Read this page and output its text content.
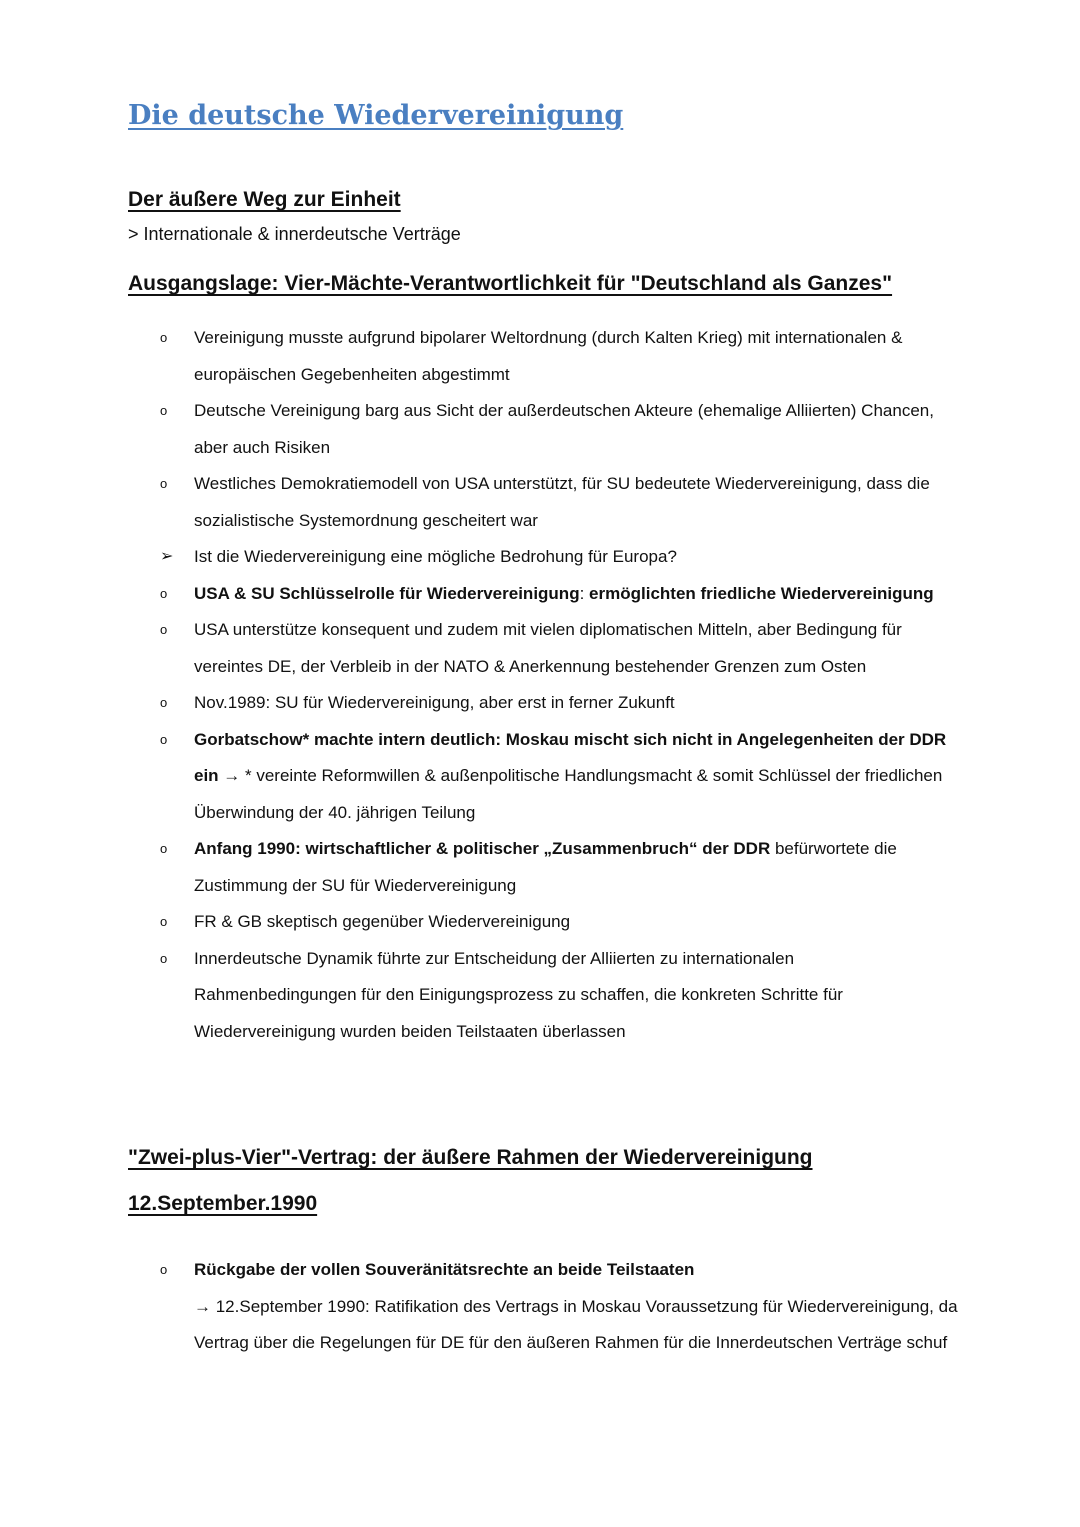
Die deutsche Wiedervereinigung
Der äußere Weg zur Einheit
> Internationale & innerdeutsche Verträge
Ausgangslage: Vier-Mächte-Verantwortlichkeit für "Deutschland als Ganzes"
o	Vereinigung musste aufgrund bipolarer Weltordnung (durch Kalten Krieg) mit internationalen & europäischen Gegebenheiten abgestimmt
o	Deutsche Vereinigung barg aus Sicht der außerdeutschen Akteure (ehemalige Alliierten) Chancen, aber auch Risiken
o	Westliches Demokratiemodell von USA unterstützt, für SU bedeutete Wiedervereinigung, dass die sozialistische Systemordnung gescheitert war
➢	Ist die Wiedervereinigung eine mögliche Bedrohung für Europa?
o	USA & SU Schlüsselrolle für Wiedervereinigung: ermöglichten friedliche Wiedervereinigung
o	USA unterstütze konsequent und zudem mit vielen diplomatischen Mitteln, aber Bedingung für vereintes DE, der Verbleib in der NATO & Anerkennung bestehender Grenzen zum Osten
o	Nov.1989: SU für Wiedervereinigung, aber erst in ferner Zukunft
o	Gorbatschow* machte intern deutlich: Moskau mischt sich nicht in Angelegenheiten der DDR ein → * vereinte Reformwillen & außenpolitische Handlungsmacht & somit Schlüssel der friedlichen Überwindung der 40. jährigen Teilung
o	Anfang 1990: wirtschaftlicher & politischer „Zusammenbruch“ der DDR befürwortete die Zustimmung der SU für Wiedervereinigung
o	FR & GB skeptisch gegenüber Wiedervereinigung
o	Innerdeutsche Dynamik führte zur Entscheidung der Alliierten zu internationalen Rahmenbedingungen für den Einigungsprozess zu schaffen, die konkreten Schritte für Wiedervereinigung wurden beiden Teilstaaten überlassen
"Zwei-plus-Vier"-Vertrag: der äußere Rahmen der Wiedervereinigung
12.September.1990
o	Rückgabe der vollen Souveränitätsrechte an beide Teilstaaten
→ 12.September 1990: Ratifikation des Vertrags in Moskau Voraussetzung für Wiedervereinigung, da Vertrag über die Regelungen für DE für den äußeren Rahmen für die Innerdeutschen Verträge schuf
